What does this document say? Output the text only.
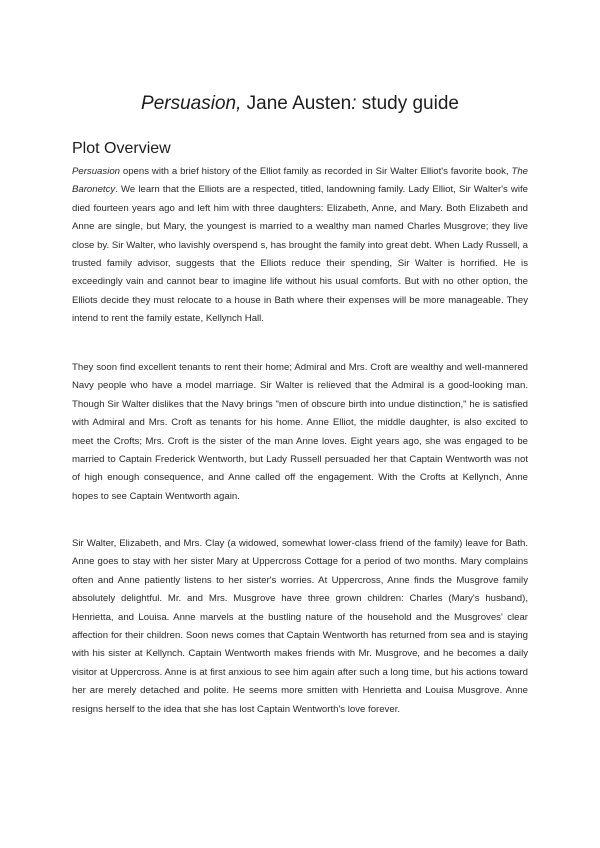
Persuasion, Jane Austen: study guide
Plot Overview

Persuasion opens with a brief history of the Elliot family as recorded in Sir Walter Elliot's favorite book, The Baronetcy. We learn that the Elliots are a respected, titled, landowning family. Lady Elliot, Sir Walter's wife died fourteen years ago and left him with three daughters: Elizabeth, Anne, and Mary. Both Elizabeth and Anne are single, but Mary, the youngest is married to a wealthy man named Charles Musgrove; they live close by. Sir Walter, who lavishly overspend s, has brought the family into great debt. When Lady Russell, a trusted family advisor, suggests that the Elliots reduce their spending, Sir Walter is horrified. He is exceedingly vain and cannot bear to imagine life without his usual comforts. But with no other option, the Elliots decide they must relocate to a house in Bath where their expenses will be more manageable. They intend to rent the family estate, Kellynch Hall.

They soon find excellent tenants to rent their home; Admiral and Mrs. Croft are wealthy and well-mannered Navy people who have a model marriage. Sir Walter is relieved that the Admiral is a good-looking man. Though Sir Walter dislikes that the Navy brings "men of obscure birth into undue distinction," he is satisfied with Admiral and Mrs. Croft as tenants for his home. Anne Elliot, the middle daughter, is also excited to meet the Crofts; Mrs. Croft is the sister of the man Anne loves. Eight years ago, she was engaged to be married to Captain Frederick Wentworth, but Lady Russell persuaded her that Captain Wentworth was not of high enough consequence, and Anne called off the engagement. With the Crofts at Kellynch, Anne hopes to see Captain Wentworth again.

Sir Walter, Elizabeth, and Mrs. Clay (a widowed, somewhat lower-class friend of the family) leave for Bath. Anne goes to stay with her sister Mary at Uppercross Cottage for a period of two months. Mary complains often and Anne patiently listens to her sister's worries. At Uppercross, Anne finds the Musgrove family absolutely delightful. Mr. and Mrs. Musgrove have three grown children: Charles (Mary's husband), Henrietta, and Louisa. Anne marvels at the bustling nature of the household and the Musgroves' clear affection for their children. Soon news comes that Captain Wentworth has returned from sea and is staying with his sister at Kellynch. Captain Wentworth makes friends with Mr. Musgrove, and he becomes a daily visitor at Uppercross. Anne is at first anxious to see him again after such a long time, but his actions toward her are merely detached and polite. He seems more smitten with Henrietta and Louisa Musgrove. Anne resigns herself to the idea that she has lost Captain Wentworth's love forever.
